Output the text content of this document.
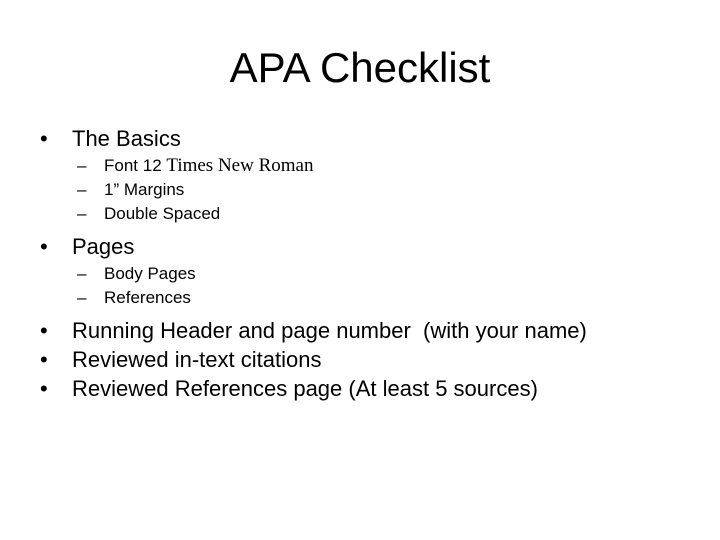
APA Checklist
• The Basics
– Font 12 Times New Roman
– 1” Margins
– Double Spaced
• Pages
– Body Pages
– References
• Running Header and page number  (with your name)
• Reviewed in-text citations
• Reviewed References page (At least 5 sources)
